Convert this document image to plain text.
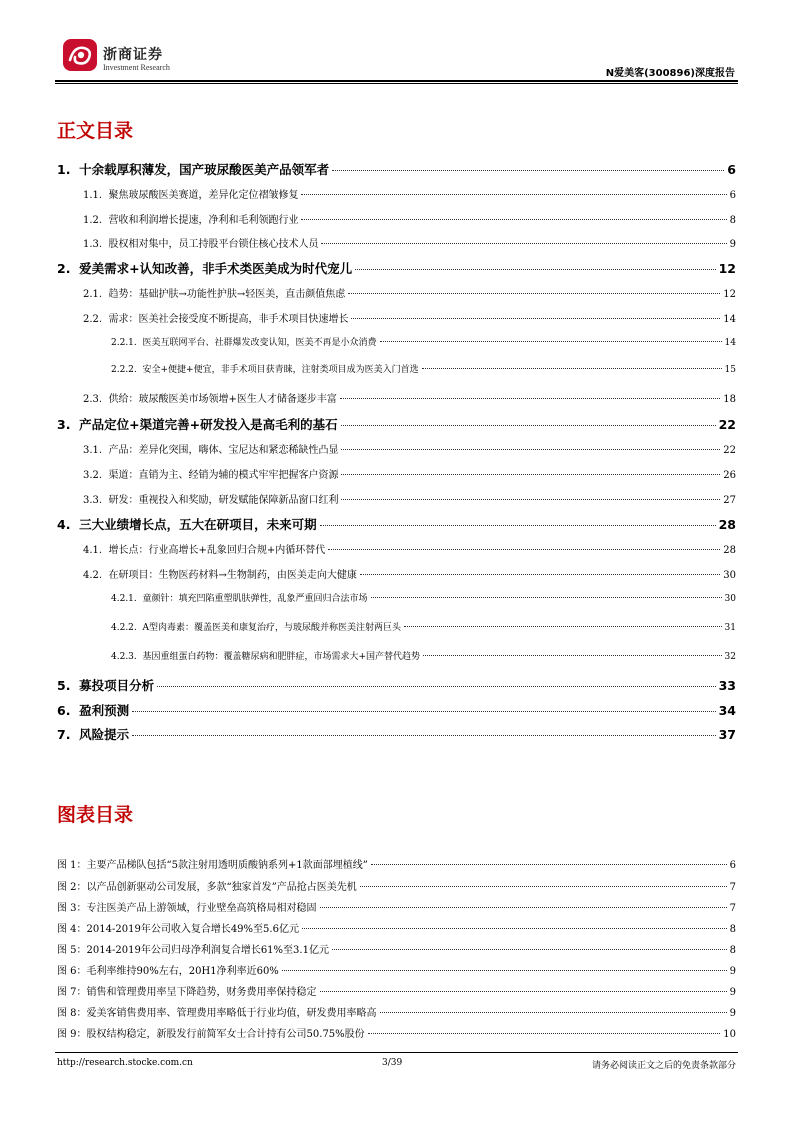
浙商证券
Investment Research
N爱美客(300896)深度报告
正文目录
1. 十余载厚积薄发，国产玻尿酸医美产品领军者	6
1.1. 聚焦玻尿酸医美赛道，差异化定位褶皱修复	6
1.2. 营收和利润增长提速，净利和毛利领跑行业	8
1.3. 股权相对集中，员工持股平台锁住核心技术人员	9
2. 爱美需求+认知改善，非手术类医美成为时代宠儿	12
2.1. 趋势：基础护肤→功能性护肤→轻医美，直击颜值焦虑	12
2.2. 需求：医美社会接受度不断提高，非手术项目快速增长	14
2.2.1. 医美互联网平台、社群爆发改变认知，医美不再是小众消费	14
2.2.2. 安全+便捷+便宜，非手术项目获青睐，注射类项目成为医美入门首选	15
2.3. 供给：玻尿酸医美市场领增+医生人才储备逐步丰富	18
3. 产品定位+渠道完善+研发投入是高毛利的基石	22
3.1. 产品：差异化突围，嗨体、宝尼达和紧恋稀缺性凸显	22
3.2. 渠道：直销为主、经销为辅的模式牢牢把握客户资源	26
3.3. 研发：重视投入和奖励，研发赋能保障新品窗口红利	27
4. 三大业绩增长点，五大在研项目，未来可期	28
4.1. 增长点：行业高增长+乱象回归合规+内循环替代	28
4.2. 在研项目：生物医药材料→生物制药，由医美走向大健康	30
4.2.1. 童颜针：填充凹陷重塑肌肤弹性，乱象严重回归合法市场	30
4.2.2. A型肉毒素：覆盖医美和康复治疗，与玻尿酸并称医美注射两巨头	31
4.2.3. 基因重组蛋白药物：覆盖糖尿病和肥胖症，市场需求大+国产替代趋势	32
5. 募投项目分析	33
6. 盈利预测	34
7. 风险提示	37
图表目录
图 1：主要产品梯队包括“5款注射用透明质酸钠系列+1款面部埋植线”	6
图 2：以产品创新驱动公司发展，多款“独家首发”产品抢占医美先机	7
图 3：专注医美产品上游领域，行业壁垒高筑格局相对稳固	7
图 4：2014-2019年公司收入复合增长49%至5.6亿元	8
图 5：2014-2019年公司归母净利润复合增长61%至3.1亿元	8
图 6：毛利率维持90%左右，20H1净利率近60%	9
图 7：销售和管理费用率呈下降趋势，财务费用率保持稳定	9
图 8：爱美客销售费用率、管理费用率略低于行业均值，研发费用率略高	9
图 9：股权结构稳定，新股发行前简军女士合计持有公司50.75%股份	10
http://research.stocke.com.cn	3/39	请务必阅读正文之后的免责条款部分
